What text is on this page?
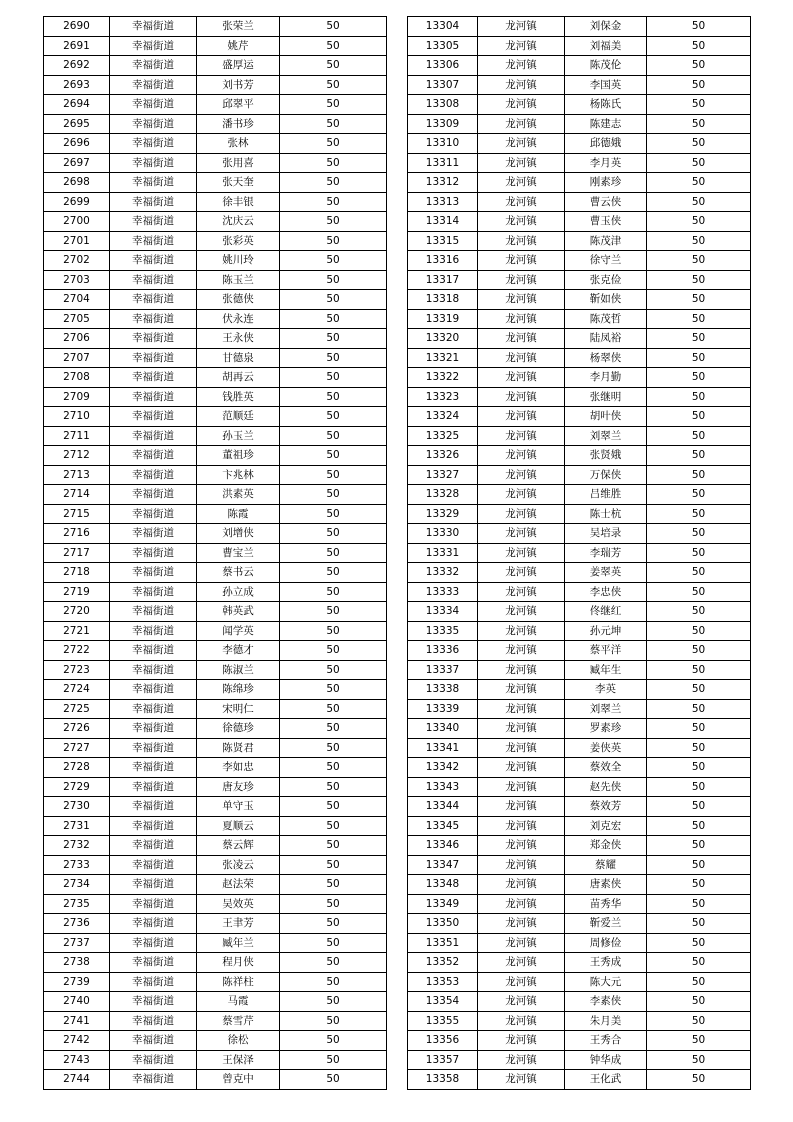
2690	幸福街道	张荣兰	50
2691	幸福街道	姚芹	50
2692	幸福街道	盛厚运	50
2693	幸福街道	刘书芳	50
2694	幸福街道	邱翠平	50
2695	幸福街道	潘书珍	50
2696	幸福街道	张林	50
2697	幸福街道	张用喜	50
2698	幸福街道	张天奎	50
2699	幸福街道	徐丰银	50
2700	幸福街道	沈庆云	50
2701	幸福街道	张彩英	50
2702	幸福街道	姚川玲	50
2703	幸福街道	陈玉兰	50
2704	幸福街道	张德侠	50
2705	幸福街道	伏永连	50
2706	幸福街道	王永侠	50
2707	幸福街道	甘德泉	50
2708	幸福街道	胡再云	50
2709	幸福街道	钱胜英	50
2710	幸福街道	范顺廷	50
2711	幸福街道	孙玉兰	50
2712	幸福街道	董祖珍	50
2713	幸福街道	卞兆林	50
2714	幸福街道	洪素英	50
2715	幸福街道	陈霞	50
2716	幸福街道	刘增侠	50
2717	幸福街道	曹宝兰	50
2718	幸福街道	蔡书云	50
2719	幸福街道	孙立成	50
2720	幸福街道	韩英武	50
2721	幸福街道	闻学英	50
2722	幸福街道	李德才	50
2723	幸福街道	陈淑兰	50
2724	幸福街道	陈绵珍	50
2725	幸福街道	宋明仁	50
2726	幸福街道	徐德珍	50
2727	幸福街道	陈贤君	50
2728	幸福街道	李如忠	50
2729	幸福街道	唐友珍	50
2730	幸福街道	单守玉	50
2731	幸福街道	夏顺云	50
2732	幸福街道	蔡云辉	50
2733	幸福街道	张凌云	50
2734	幸福街道	赵法荣	50
2735	幸福街道	吴效英	50
2736	幸福街道	王聿芳	50
2737	幸福街道	臧年兰	50
2738	幸福街道	程月侠	50
2739	幸福街道	陈祥柱	50
2740	幸福街道	马霞	50
2741	幸福街道	蔡雪芹	50
2742	幸福街道	徐松	50
2743	幸福街道	王保泽	50
2744	幸福街道	曾克中	50
13304	龙河镇	刘保金	50
13305	龙河镇	刘福美	50
13306	龙河镇	陈茂伦	50
13307	龙河镇	李国英	50
13308	龙河镇	杨陈氏	50
13309	龙河镇	陈建志	50
13310	龙河镇	邱德娥	50
13311	龙河镇	李月英	50
13312	龙河镇	刚素珍	50
13313	龙河镇	曹云侠	50
13314	龙河镇	曹玉侠	50
13315	龙河镇	陈茂津	50
13316	龙河镇	徐守兰	50
13317	龙河镇	张克俭	50
13318	龙河镇	靳如侠	50
13319	龙河镇	陈茂哲	50
13320	龙河镇	陆凤裕	50
13321	龙河镇	杨翠侠	50
13322	龙河镇	李月勤	50
13323	龙河镇	张继明	50
13324	龙河镇	胡叶侠	50
13325	龙河镇	刘翠兰	50
13326	龙河镇	张贤娥	50
13327	龙河镇	万保侠	50
13328	龙河镇	吕维胜	50
13329	龙河镇	陈士杭	50
13330	龙河镇	吴培录	50
13331	龙河镇	李瑞芳	50
13332	龙河镇	姜翠英	50
13333	龙河镇	李忠侠	50
13334	龙河镇	佟继红	50
13335	龙河镇	孙元坤	50
13336	龙河镇	蔡平洋	50
13337	龙河镇	臧年生	50
13338	龙河镇	李英	50
13339	龙河镇	刘翠兰	50
13340	龙河镇	罗素珍	50
13341	龙河镇	姜侠英	50
13342	龙河镇	蔡效全	50
13343	龙河镇	赵先侠	50
13344	龙河镇	蔡效芳	50
13345	龙河镇	刘克宏	50
13346	龙河镇	郑金侠	50
13347	龙河镇	蔡耀	50
13348	龙河镇	唐素侠	50
13349	龙河镇	苗秀华	50
13350	龙河镇	靳爱兰	50
13351	龙河镇	周修俭	50
13352	龙河镇	王秀成	50
13353	龙河镇	陈大元	50
13354	龙河镇	李素侠	50
13355	龙河镇	朱月美	50
13356	龙河镇	王秀合	50
13357	龙河镇	钟华成	50
13358	龙河镇	王化武	50
